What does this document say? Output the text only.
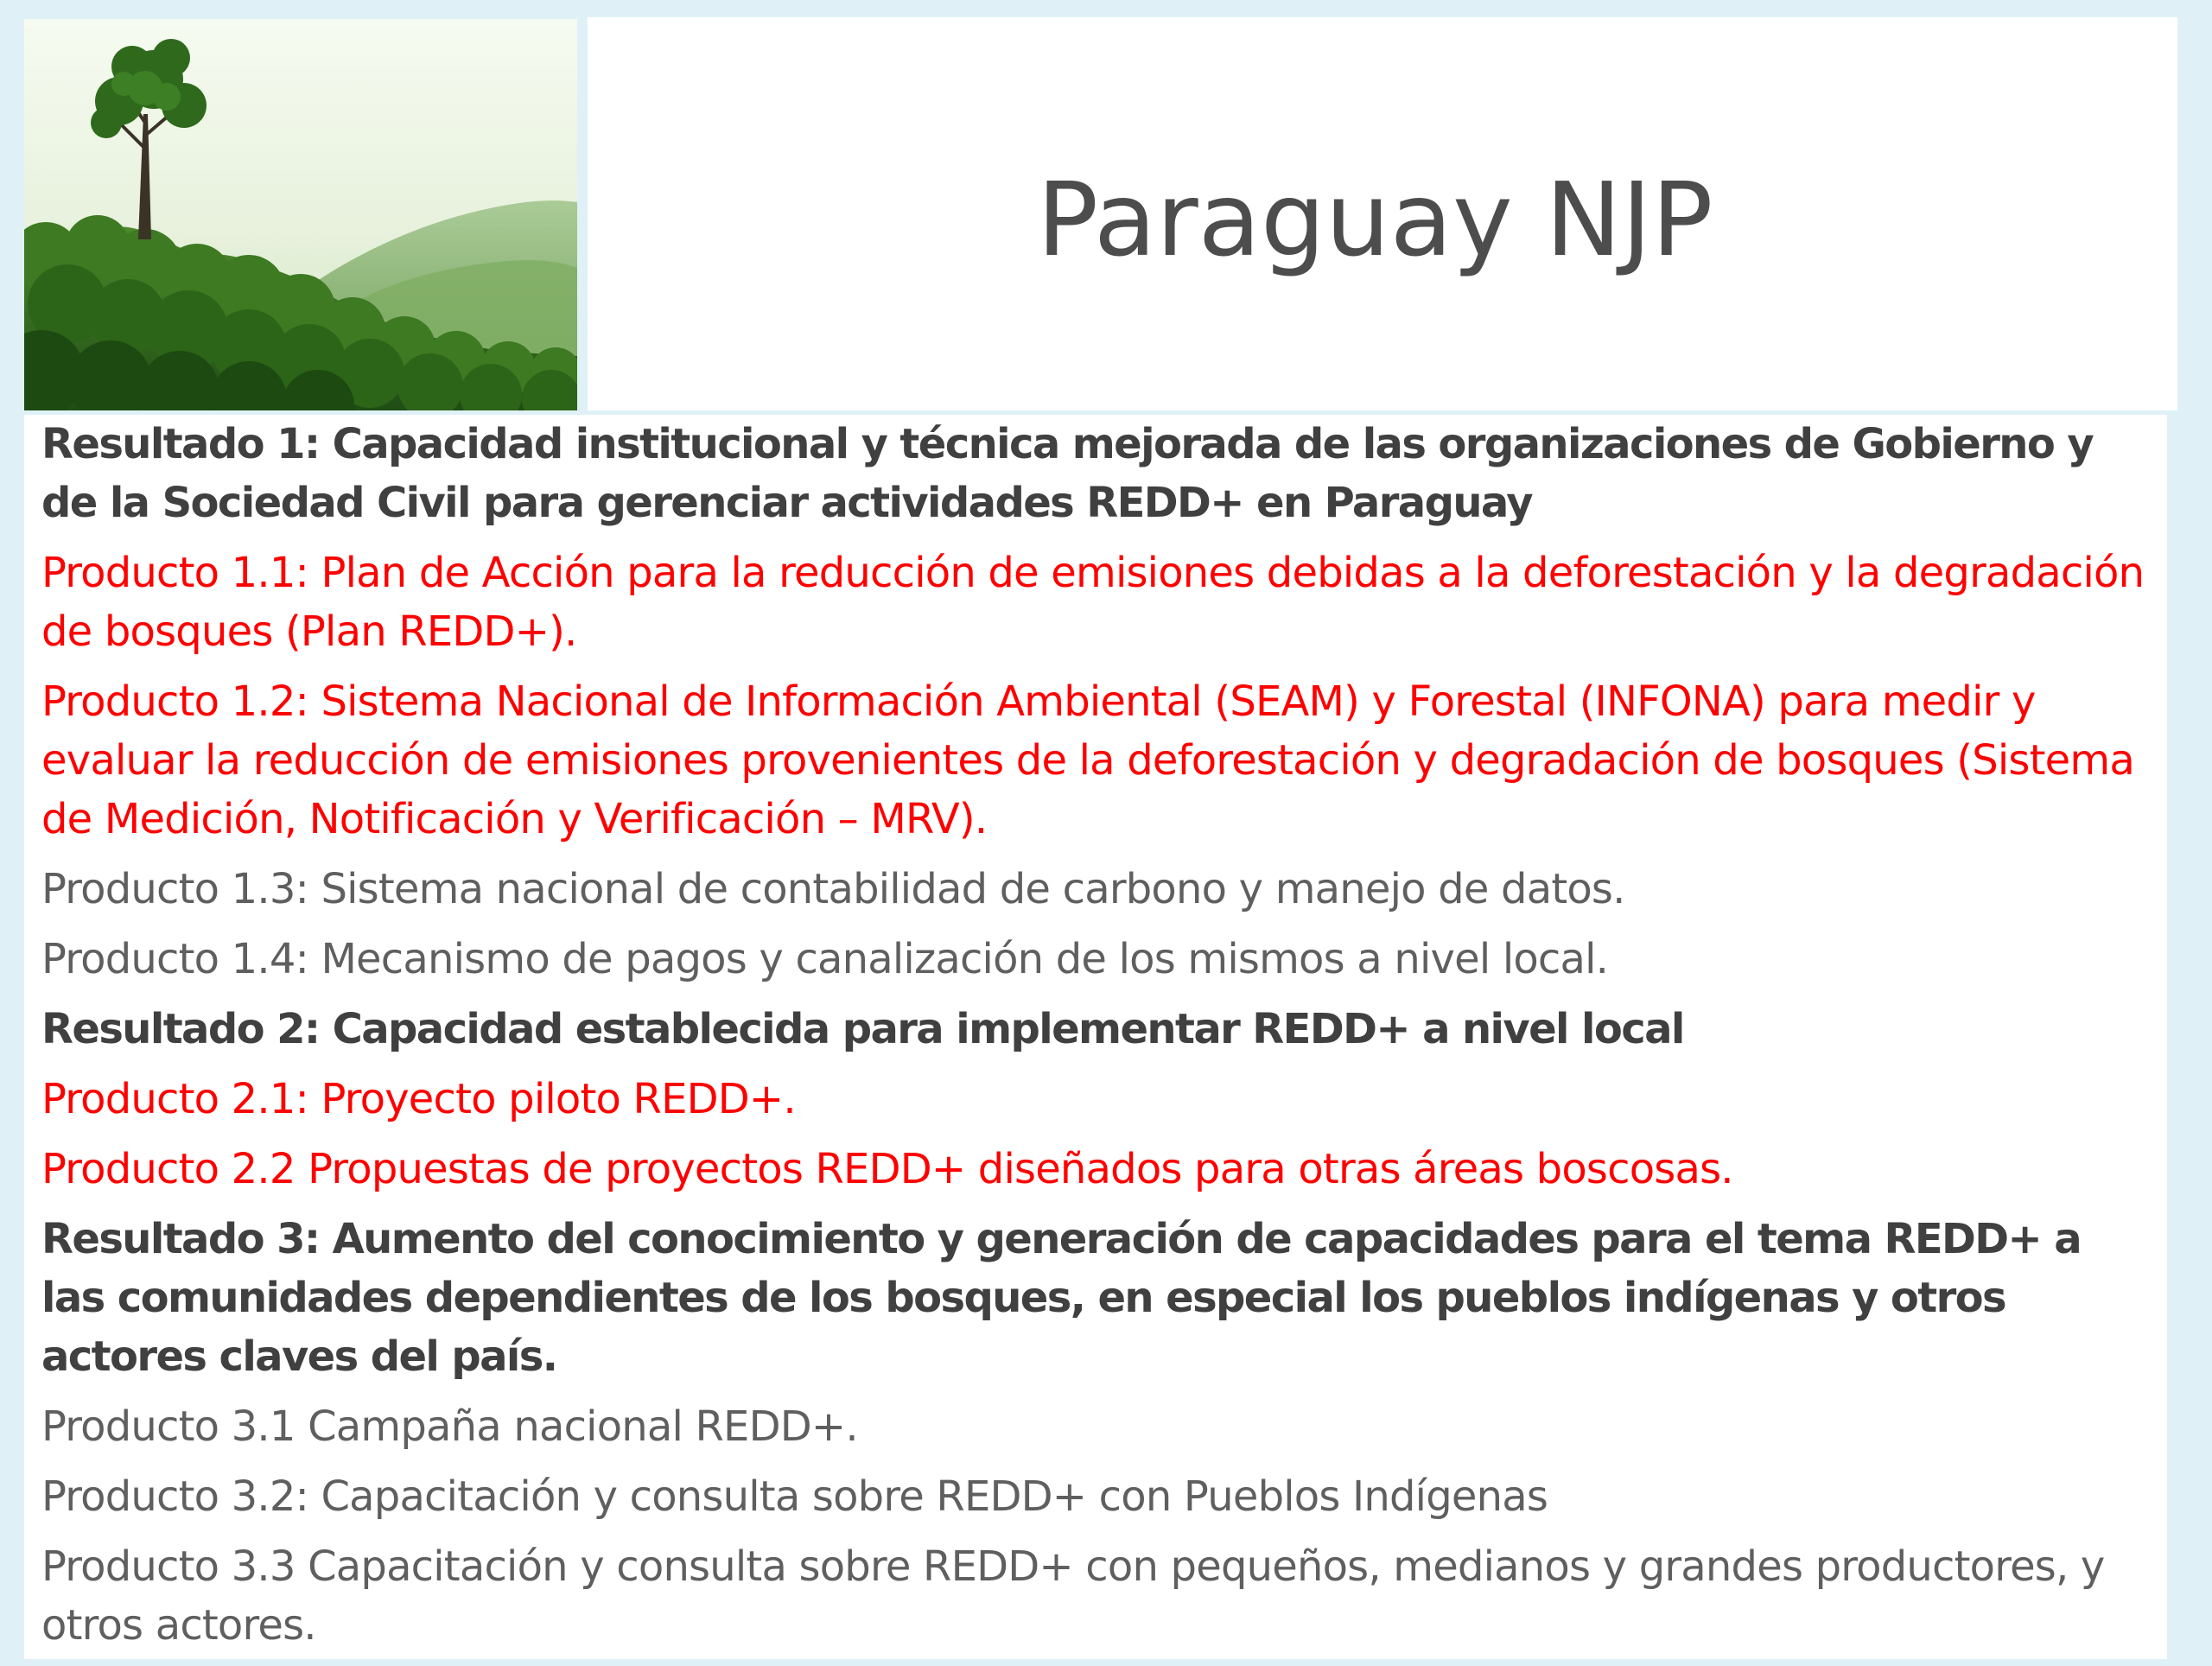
Paraguay NJP

Resultado 1: Capacidad institucional y técnica mejorada de las organizaciones de Gobierno y de la Sociedad Civil para gerenciar actividades REDD+ en Paraguay

Producto 1.1: Plan de Acción para la reducción de emisiones debidas a la deforestación y la degradación de bosques (Plan REDD+).

Producto 1.2: Sistema Nacional de Información Ambiental (SEAM) y Forestal (INFONA) para medir y evaluar la reducción de emisiones provenientes de la deforestación y degradación de bosques (Sistema de Medición, Notificación y Verificación – MRV).

Producto 1.3: Sistema nacional de contabilidad de carbono y manejo de datos.

Producto 1.4: Mecanismo de pagos y canalización de los mismos a nivel local.

Resultado 2: Capacidad establecida para implementar REDD+ a nivel local

Producto 2.1: Proyecto piloto REDD+.

Producto 2.2 Propuestas de proyectos REDD+ diseñados para otras áreas boscosas.

Resultado 3: Aumento del conocimiento y generación de capacidades para el tema REDD+ a las comunidades dependientes de los bosques, en especial los pueblos indígenas y otros actores claves del país.

Producto 3.1 Campaña nacional REDD+.

Producto 3.2: Capacitación y consulta sobre REDD+ con Pueblos Indígenas

Producto 3.3 Capacitación y consulta sobre REDD+ con pequeños, medianos y grandes productores, y otros actores.
